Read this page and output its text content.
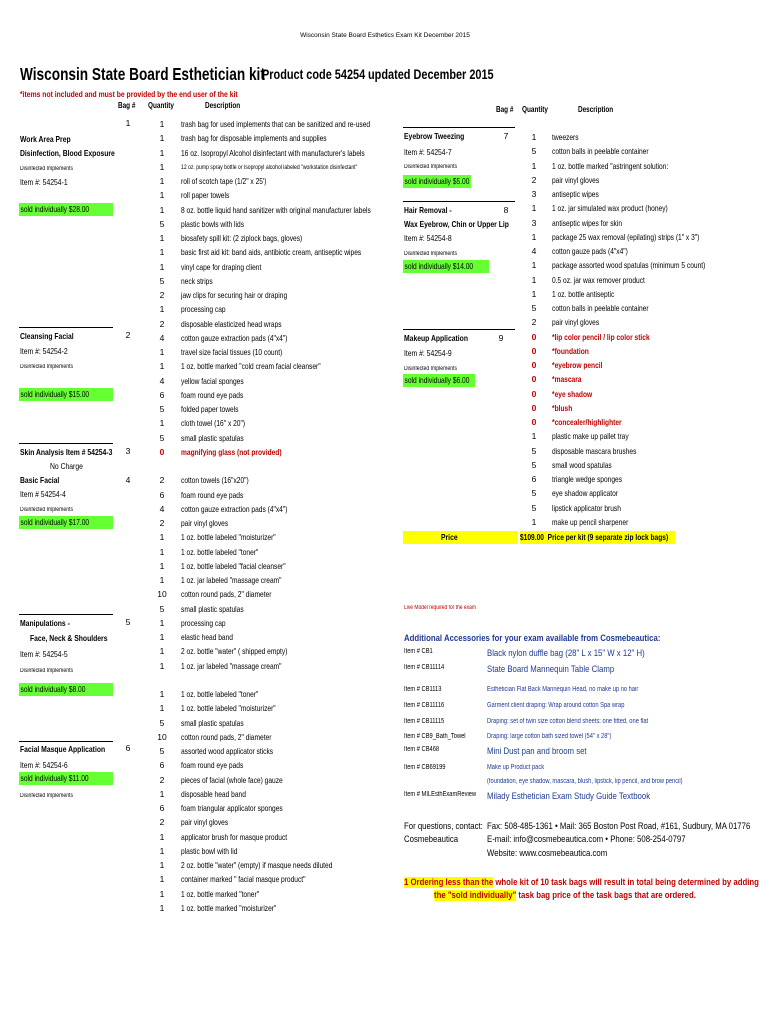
Wisconsin State Board Esthetics Exam Kit December 2015
Wisconsin State Board Esthetician kit
Product code 54254 updated December 2015
*items not included and must be provided by the end user of the kit
Bag # Quantity	Description	Bag # Quantity	Description
1	trash bag for used implements that can be sanitized and re-used
1	trash bag for disposable implements and supplies
1	16 oz. Isopropyl Alcohol disinfectant with manufacturer's labels
1	12 oz. pump spray bottle or Isopropyl alcohol labeled "workstation disinfectant"
1	roll of scotch tape (1/2" x 25')
1	roll paper towels
1	8 oz. bottle liquid hand sanitizer with original manufacturer labels
5	plastic bowls with lids
1	biosafety spill kit: (2 ziplock bags, gloves)
1	basic first aid kit: band aids, antibiotic cream, antiseptic wipes
1	vinyl cape for draping client
5	neck strips
2	jaw clips for securing hair or draping
1	processing cap
2	disposable elasticized head wraps
4	cotton gauze extraction pads (4"x4")
1	travel size facial tissues (10 count)
1	1 oz. bottle marked "cold cream facial cleanser"
4	yellow facial sponges
6	foam round eye pads
5	folded paper towels
1	cloth towel (16" x 20")
5	small plastic spatulas
0	magnifying glass (not provided)
2	cotton towels (16"x20")
6	foam round eye pads
4	cotton gauze extraction pads (4"x4")
2	pair vinyl gloves
1	1 oz. bottle labeled "moisturizer"
1	1 oz. bottle labeled "toner"
1	1 oz. bottle labeled "facial cleanser"
1	1 oz. jar labeled "massage cream"
10 cotton round pads, 2" diameter
5	small plastic spatulas
1	processing cap
1	elastic head band
1	2 oz. bottle "water" ( shipped empty)
1	1 oz. jar labeled "massage cream"
1	1 oz. bottle labeled "toner"
1	1 oz. bottle labeled "moisturizer"
5	small plastic spatulas
10 cotton round pads, 2" diameter
5	assorted wood applicator sticks
6	foam round eye pads
2	pieces of facial (whole face) gauze
1	disposable head band
6	foam triangular applicator sponges
2	pair vinyl gloves
1	applicator brush for masque product
1	plastic bowl with lid
1	2 oz. bottle "water" (empty) if masque needs diluted
1	container marked " facial masque product"
1	1 oz. bottle marked "toner"
1	1 oz. bottle marked "moisturizer"
1
Work Area Prep
Disinfection, Blood Exposure
Disinfected Implements
Item #: 54254-1
sold individually $28.00
2
Cleansing Facial
Item #: 54254-2
Disinfected Implements
sold individually $15.00
3
Skin Analysis Item # 54254-3
No Charge
4
Basic Facial
Item # 54254-4
Disinfected Implements
sold individually $17.00
5
Manipulations -
Face, Neck & Shoulders
Item #: 54254-5
Disinfected Implements
sold individually $8.00
6
Facial Masque Application
Item #: 54254-6
sold individually $11.00
Disinfected Implements
1	tweezers
5	cotton balls in peelable container
1	1 oz. bottle marked "astringent solution:
2	pair vinyl gloves
3	antiseptic wipes
1	1 oz. jar simulated wax product (honey)
3	antiseptic wipes for skin
1	package 25 wax removal (epilating) strips (1" x 3")
4	cotton gauze pads (4"x4")
1	package assorted wood spatulas (minimum 5 count)
1	0.5 oz. jar wax remover product
1	1 oz. bottle antiseptic
5	cotton balls in peelable container
2	pair vinyl gloves
0	*lip color pencil / lip color stick
0	*foundation
0	*eyebrow pencil
0	*mascara
0	*eye shadow
0	*blush
0	*concealer/highlighter
1	plastic make up pallet tray
5	disposable mascara brushes
5	small wood spatulas
6	triangle wedge sponges
5	eye shadow applicator
5	lipstick applicator brush
1	make up pencil sharpener
Eyebrow Tweezing	7
Item #: 54254-7
Disinfected Implements
sold individually $5.00
Hair Removal -	8
Wax Eyebrow, Chin or Upper Lip
Item #: 54254-8
Disinfected Implements
sold individually $14.00
Makeup Application	9
Item #: 54254-9
Disinfected Implements
sold individually $6.00
Price	$109.00 Price per kit (9 separate zip lock bags)
Live Model required for the exam
Additional Accessories for your exam available from Cosmebeautica:
Item # CB1	Black nylon duffle bag (28" L x 15" W x 12" H)
Item # CB11114	State Board Mannequin Table Clamp
Item # CB1113	Esthetician Flat Back Mannequin Head, no make up no hair
Item # CB11116	Garment client draping: Wrap around cotton Spa wrap
Item # CB11115	Draping: set of twin size cotton blend sheets: one fitted, one flat
Item # CB9_Bath_Towel	Draping: large cotton bath sized towel (54" x 28")
Item # CB468	Mini Dust pan and broom set
Item # CB69199	Make up Product pack
(foundation, eye shadow, mascara, blush, lipstick, lip pencil, and brow pencil)
Item # MILEsthExamReview Milady Esthetician Exam Study Guide Textbook
For questions, contact:
Cosmebeautica
Fax: 508-485-1361 • Mail: 365 Boston Post Road, #161, Sudbury, MA 01776
E-mail: info@cosmebeautica.com • Phone: 508-254-0797
Website: www.cosmebeautica.com
1 Ordering less than the whole kit of 10 task bags will result in total being determined by adding
the "sold individually" task bag price of the task bags that are ordered.
